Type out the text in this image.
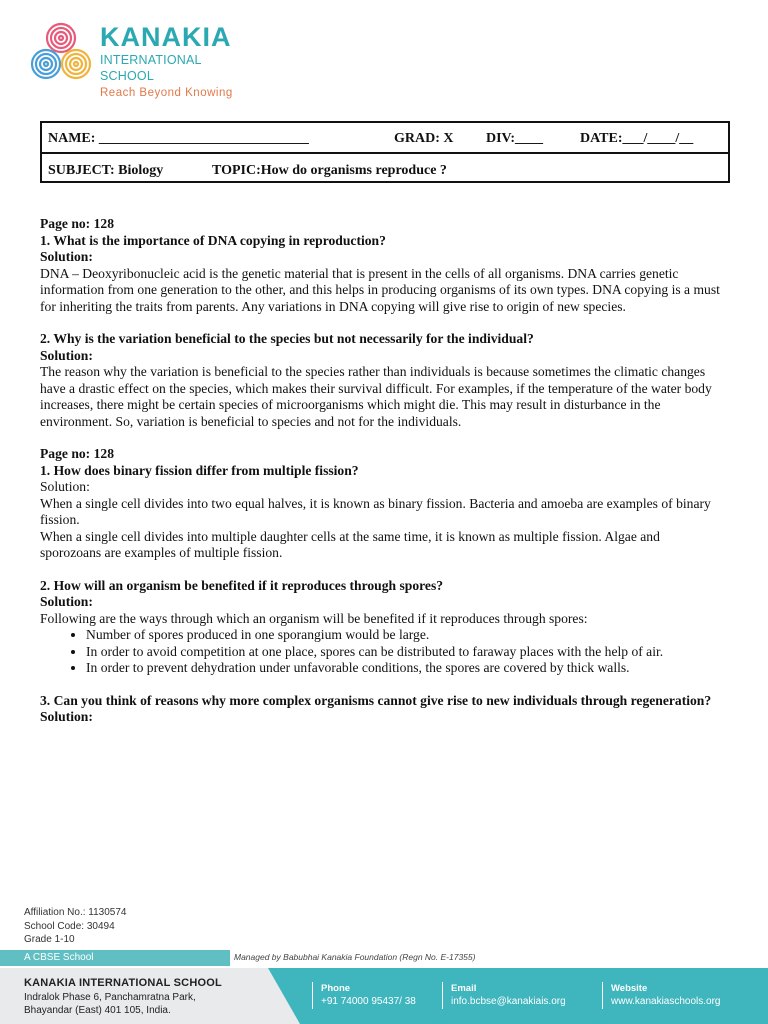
KANAKIA
INTERNATIONAL SCHOOL
Reach Beyond Knowing
NAME: ______________________________	GRAD: X DIV:____	DATE:___/____/__
SUBJECT: Biology	TOPIC:How do organisms reproduce ?

Page no: 128

1. What is the importance of DNA copying in reproduction?

Solution:

DNA – Deoxyribonucleic acid is the genetic material that is present in the cells of all organisms. DNA carries genetic information from one generation to the other, and this helps in producing organisms of its own types. DNA copying is a must for inheriting the traits from parents. Any variations in DNA copying will give rise to origin of new species.

2. Why is the variation beneficial to the species but not necessarily for the individual?

Solution:

The reason why the variation is beneficial to the species rather than individuals is because sometimes the climatic changes have a drastic effect on the species, which makes their survival difficult. For examples, if the temperature of the water body increases, there might be certain species of microorganisms which might die. This may result in disturbance in the environment. So, variation is beneficial to species and not for the individuals.

Page no: 128

1. How does binary fission differ from multiple fission?

Solution:

When a single cell divides into two equal halves, it is known as binary fission. Bacteria and amoeba are examples of binary fission.

When a single cell divides into multiple daughter cells at the same time, it is known as multiple fission. Algae and sporozoans are examples of multiple fission.

2. How will an organism be benefited if it reproduces through spores?

Solution:

Following are the ways through which an organism will be benefited if it reproduces through spores:

• Number of spores produced in one sporangium would be large.
• In order to avoid competition at one place, spores can be distributed to faraway places with the help of air.
• In order to prevent dehydration under unfavorable conditions, the spores are covered by thick walls.

3. Can you think of reasons why more complex organisms cannot give rise to new individuals through regeneration?

Solution:

Affiliation No.: 1130574
School Code: 30494
Grade 1-10
A CBSE School	Managed by Babubhai Kanakia Foundation (Regn No. E-17355)
KANAKIA INTERNATIONAL SCHOOL
Indralok Phase 6, Panchamratna Park,
Bhayandar (East) 401 105, India.
Phone
+91 74000 95437/ 38
Email
info.bcbse@kanakiais.org
Website
www.kanakiaschools.org
